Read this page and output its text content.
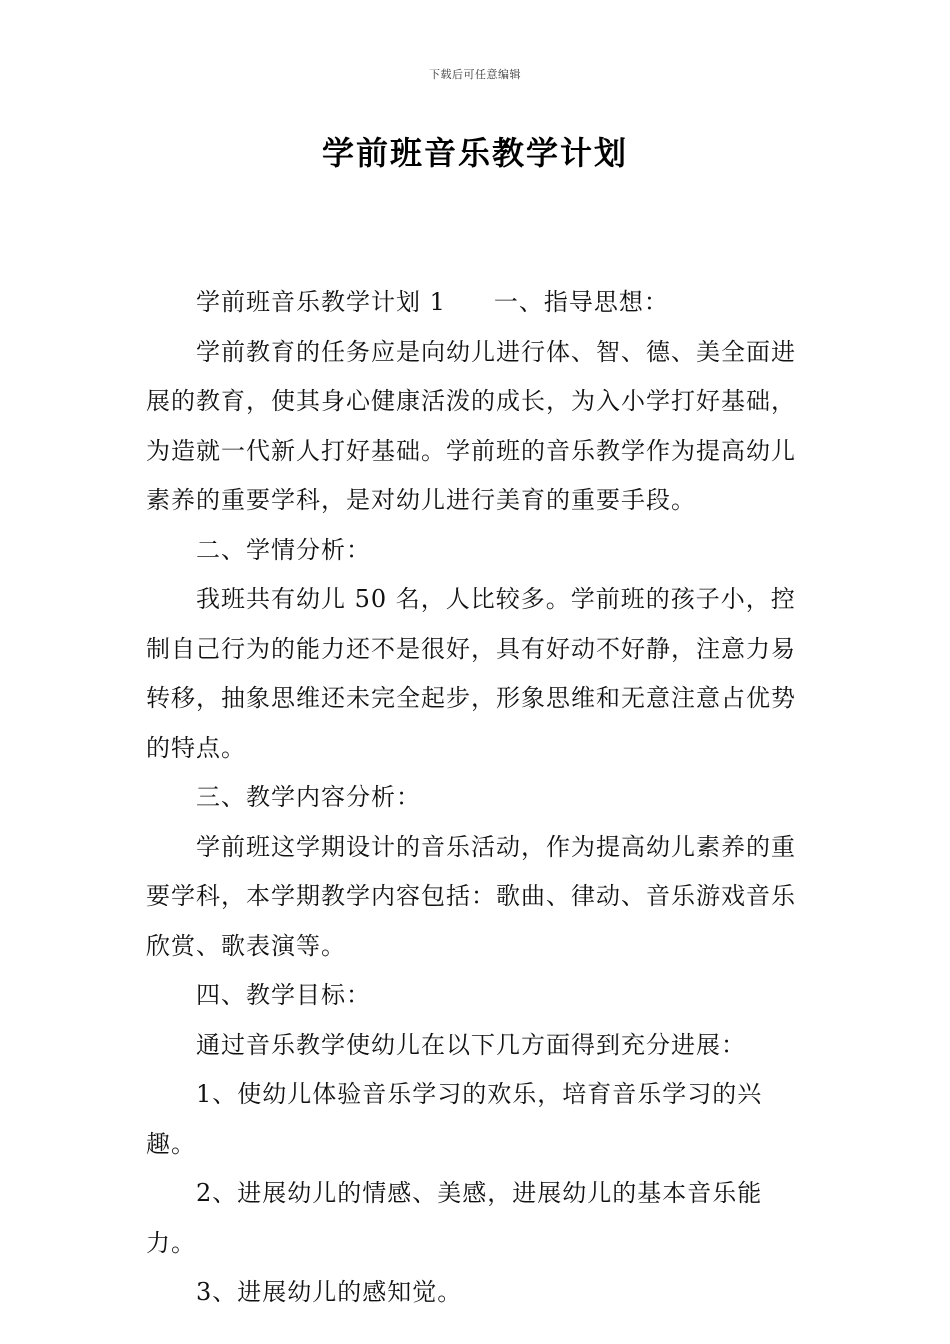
下载后可任意编辑
学前班音乐教学计划

学前班音乐教学计划 1 一、指导思想：

学前教育的任务应是向幼儿进行体、智、德、美全面进展的教育，使其身心健康活泼的成长，为入小学打好基础，为造就一代新人打好基础。学前班的音乐教学作为提高幼儿素养的重要学科，是对幼儿进行美育的重要手段。

二、学情分析：

我班共有幼儿 50 名，人比较多。学前班的孩子小，控制自己行为的能力还不是很好，具有好动不好静，注意力易转移，抽象思维还未完全起步，形象思维和无意注意占优势的特点。

三、教学内容分析：

学前班这学期设计的音乐活动，作为提高幼儿素养的重要学科，本学期教学内容包括：歌曲、律动、音乐游戏音乐欣赏、歌表演等。

四、教学目标：

通过音乐教学使幼儿在以下几方面得到充分进展：

1、使幼儿体验音乐学习的欢乐，培育音乐学习的兴趣。

2、进展幼儿的情感、美感，进展幼儿的基本音乐能力。

3、进展幼儿的感知觉。
